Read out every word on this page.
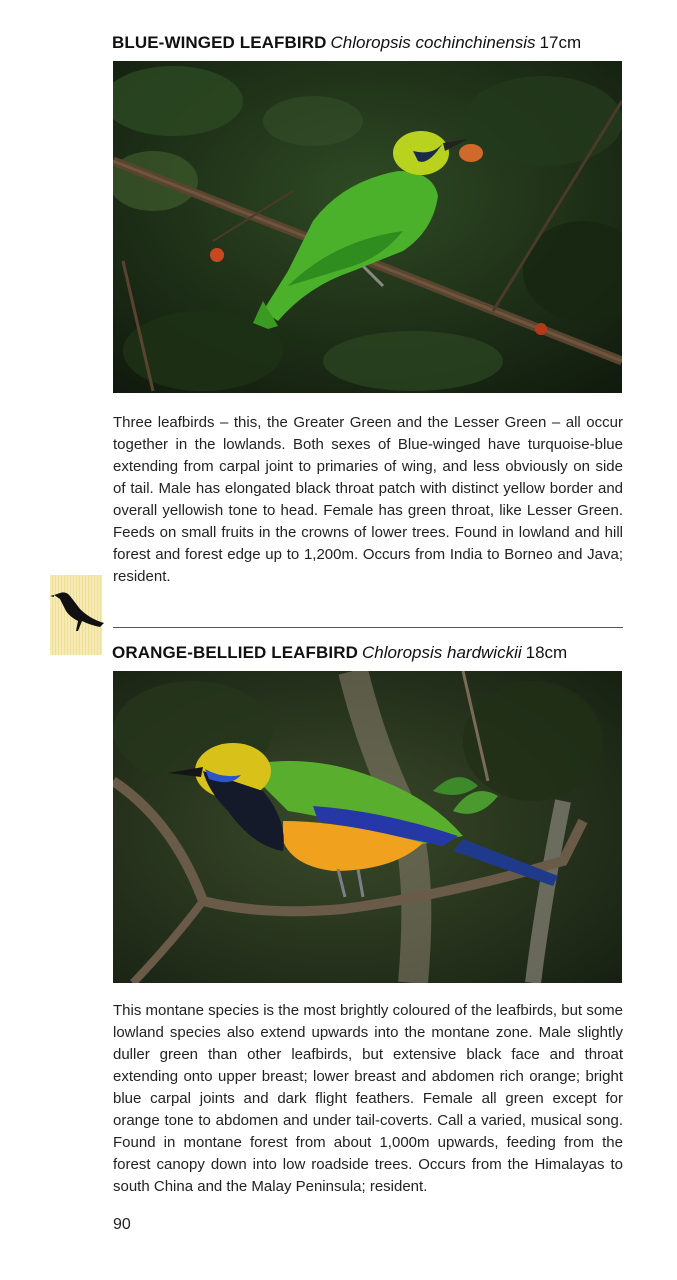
BLUE-WINGED LEAFBIRD Chloropsis cochinchinensis 17cm

Three leafbirds – this, the Greater Green and the Lesser Green – all occur together in the lowlands. Both sexes of Blue-winged have turquoise-blue extending from carpal joint to primaries of wing, and less obviously on side of tail. Male has elongated black throat patch with distinct yellow border and overall yellowish tone to head. Female has green throat, like Lesser Green. Feeds on small fruits in the crowns of lower trees. Found in lowland and hill forest and forest edge up to 1,200m. Occurs from India to Borneo and Java; resident.

ORANGE-BELLIED LEAFBIRD Chloropsis hardwickii 18cm

This montane species is the most brightly coloured of the leafbirds, but some lowland species also extend upwards into the montane zone. Male slightly duller green than other leafbirds, but extensive black face and throat extending onto upper breast; lower breast and abdomen rich orange; bright blue carpal joints and dark flight feathers. Female all green except for orange tone to abdomen and under tail-coverts. Call a varied, musical song. Found in montane forest from about 1,000m upwards, feeding from the forest canopy down into low roadside trees. Occurs from the Himalayas to south China and the Malay Peninsula; resident.

90
